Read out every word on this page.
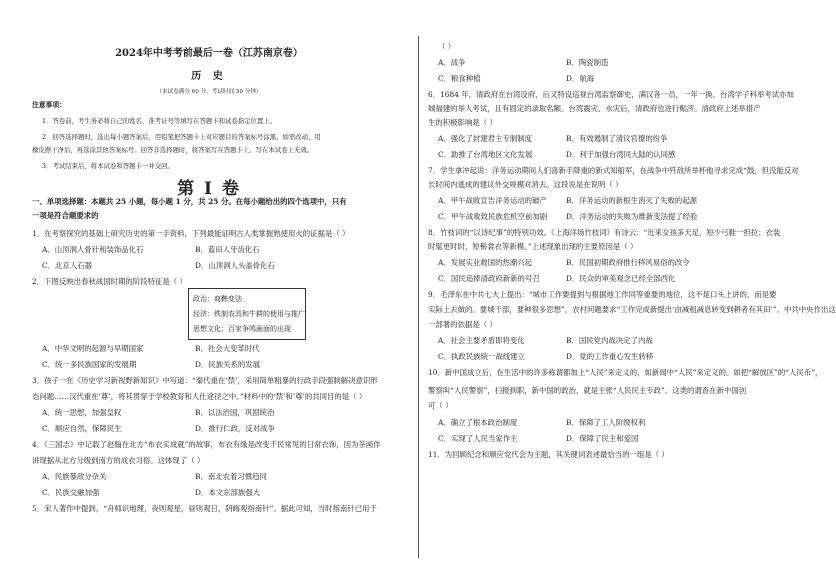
2024年中考考前最后一卷（江苏南京卷）
历 史
（本试卷满分 60 分，考试时间 50 分钟）
注意事项：
1．答卷前，考生务必将自己的姓名、准考证号等填写在答题卡和试卷指定位置上。
2．回答选择题时，选出每小题答案后，用铅笔把答题卡上对应题目的答案标号涂黑。如需改动，用
橡皮擦干净后，再选涂其他答案标号。回答非选择题时，将答案写在答题卡上。写在本试卷上无效。
3．考试结束后，将本试卷和答题卡一并交回。
第 I 卷
一、单项选择题：本题共 25 小题，每小题 1 分，共 25 分。在每小题给出的四个选项中，只有
一项是符合题要求的
1．在考察探究的基础上研究历史的第一手资料，下列最能证明古人类掌握熟使用火的证据是（ ）
A．山顶洞人骨针和装饰品化石	B．蓝田人牙齿化石
C．北京人石器	D．山顶洞人头盖骨化石
2．下图反映出春秋战国时期的阶段特征是（ ）
政治：商鞅变法
经济：铁制农具和牛耕的使用与推广
思想文化：百家争鸣画面的出现
A．中华文明的起源与早期国家	B．社会大变革时代
C．统一多民族国家的发展期	D．民族关系的发展
3．孩子一在《历史学习新视野新知识》中写道：“秦代重在‘禁’，采用简单粗暴的行政手段强制解决意识形
态问题……汉代重在‘尊’，将其贯穿于学校教育和人仕途径之中。”材料中的‘禁’和‘尊’的共同目的是（ ）
A．统一思想，加强皇权	B．以法治国，巩固统治
C．顺应自然，保障民生	D．推行仁政，反对战争
4．《三国志》中记载了赵翰在北方“布衣实成就”的故事，布衣有缘是改变千民常见的日常衣饰，因为茶画作
讲现据从北方分级到南方的成衣习俗。这体现了（ ）
A．民族暴敌分杂关	B．南北农着习惯趋同
C．民族交融加强	D．本文东部族强大
5．宋人著作中提到，“舟师识地理，夜则观星，昼则观日，阴晦观指南针”。据此可知，当时指南针已用于
（ ）
A．战争	B．陶瓷制造
C．粮食种植	D．航海
6．1684 年，清政府在台湾设府，后又特设巡视台湾监察御史，满汉各一员，一年一换。台湾学子科举考试亦加
城福建的举人考试，且有固定的录取名额。台湾震灾、水灾后，清政府也进行赈济。清政府上述举措产
生的积极影响是（ ）
A．强化了封建君主专制制度	B．有效遏制了清议官僚的纷争
C．助推了台湾地区文化发展	D．利于加强台湾同大陆的认同感
7．学生拿冲起说：洋务运动期间人们喜新手降重的新式知船军，在战争中歼敌所举杯他寻求完成“鼓，但没能反对
长时间内逃成的建议外交规模对消去。这段说是在说明（ ）
A．甲午战败宣告洋务运动的破产	B．洋务运动的新根生消灭了失败的起源
C．甲午战败致民族危机空前加剧	D．洋务运动的失败为维新变法提了经验
8．竹枝词的“以诗纪事”的特别功效。《上海洋场竹枝词》有诗云：“近来女孩多天足，短少弓鞋一担拉；衣装
时髦更时时，短髻裳衣等新模。”上述现象出现的主要原因是（ ）
A．发展实业救国的热潮兴起	B．民国初期政府推行移风易俗的改令
C．国民追捧清政府新新的号召	D．民众的审美观念已经全部西化
9．毛泽东在中共七大上提出：“城市工作要提到与根据地工作同等重要的地位，这不是口头上讲的，而是要
实际上去做的。要城干部，要种很多思想”，农村问题要求“工作完成新提出‘由减租减息转变到耕者有其田’”。中共中央作出这
一部署的依据是（ ）
A．社会主要矛盾即将变化	B．国民党内战决定了内战
C．执政民族统一战线建立	D．党的工作重心发生转移
10．新中国成立后，在生活中的许多称谓都加上“人民”来定义的，如新闻中“人民”来定义的。如把“解放区”的“人民币”，
警察叫“人民警察”，扫报到职，新中国的政治，就是主张“人民民主专政”。这类的谓查在新中国创
可（ ）
A．确立了根本政治制度	B．保障了工人阶级权利
C．实现了人民当家作主	D．保障了民主和爱国
11．为回顾纪念和顺应党代会为主题，其关键词表述最恰当的一组是（ ）
